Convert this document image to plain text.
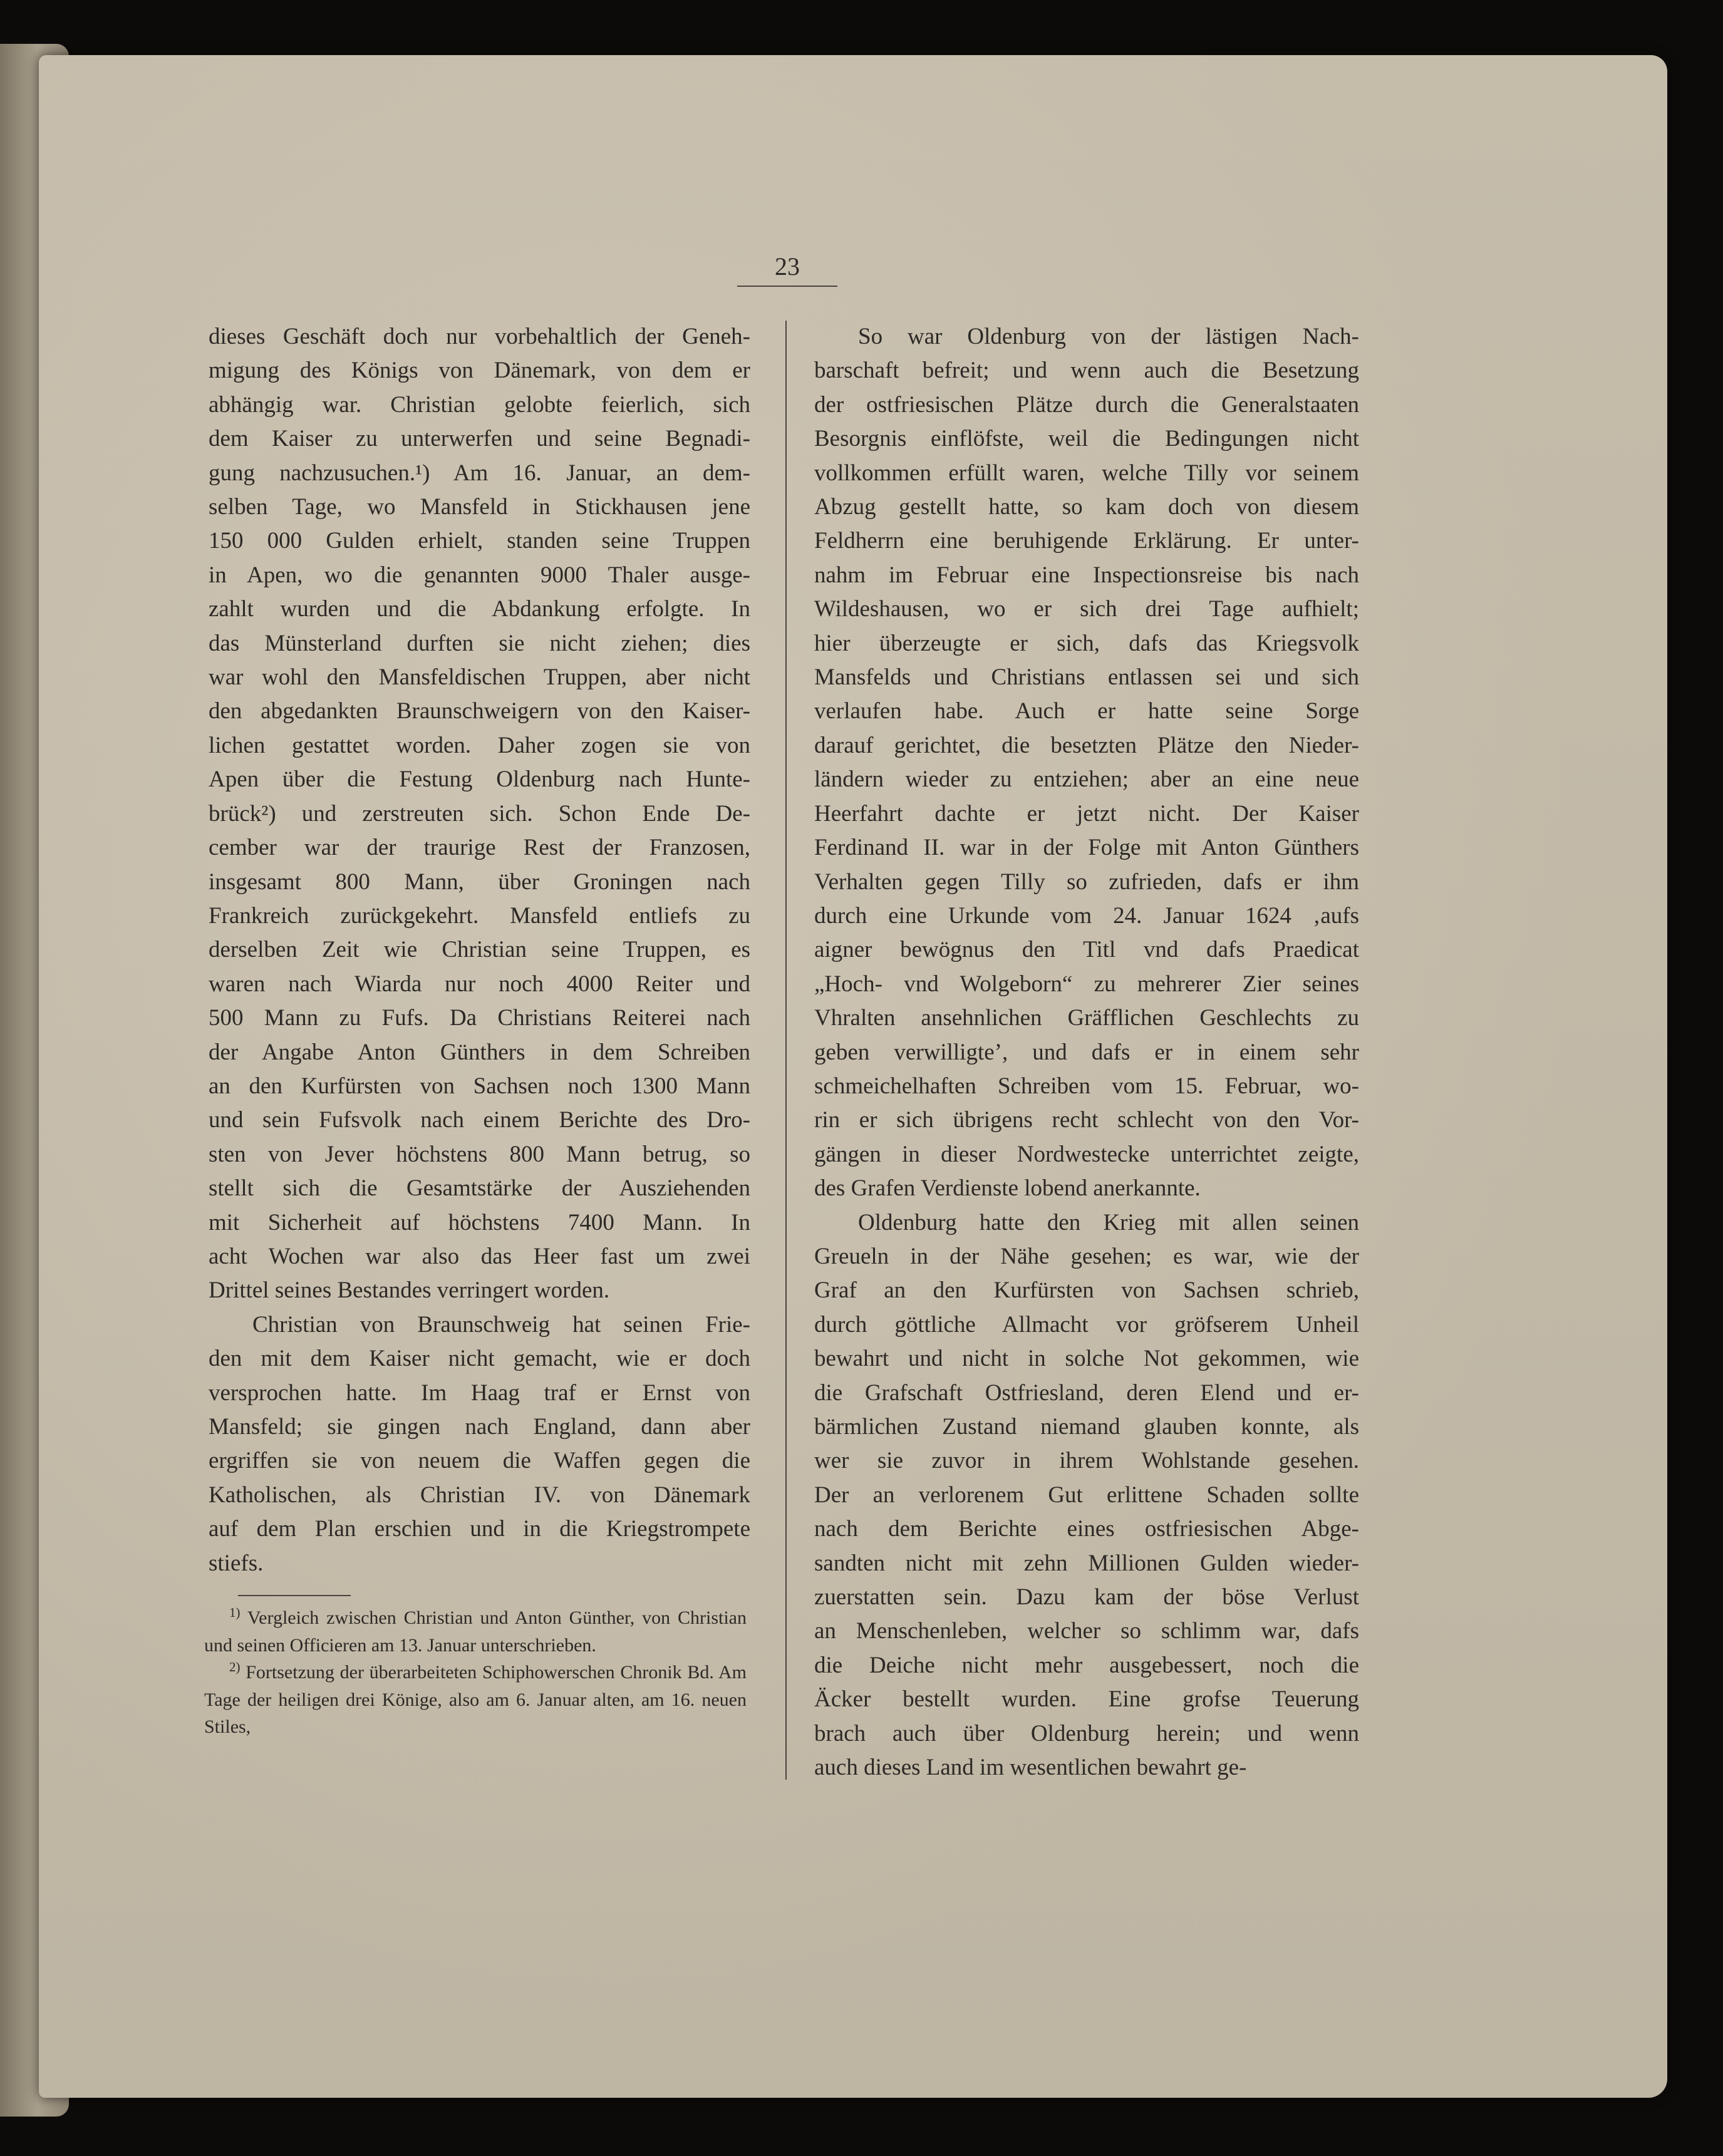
23

dieses Geschäft doch nur vorbehaltlich der Geneh-
migung des Königs von Dänemark, von dem er
abhängig war. Christian gelobte feierlich, sich
dem Kaiser zu unterwerfen und seine Begnadi-
gung nachzusuchen.¹) Am 16. Januar, an dem-
selben Tage, wo Mansfeld in Stickhausen jene
150 000 Gulden erhielt, standen seine Truppen
in Apen, wo die genannten 9000 Thaler ausge-
zahlt wurden und die Abdankung erfolgte. In
das Münsterland durften sie nicht ziehen; dies
war wohl den Mansfeldischen Truppen, aber nicht
den abgedankten Braunschweigern von den Kaiser-
lichen gestattet worden. Daher zogen sie von
Apen über die Festung Oldenburg nach Hunte-
brück²) und zerstreuten sich. Schon Ende De-
cember war der traurige Rest der Franzosen,
insgesamt 800 Mann, über Groningen nach
Frankreich zurückgekehrt. Mansfeld entliefs zu
derselben Zeit wie Christian seine Truppen, es
waren nach Wiarda nur noch 4000 Reiter und
500 Mann zu Fufs. Da Christians Reiterei nach
der Angabe Anton Günthers in dem Schreiben
an den Kurfürsten von Sachsen noch 1300 Mann
und sein Fufsvolk nach einem Berichte des Dro-
sten von Jever höchstens 800 Mann betrug, so
stellt sich die Gesamtstärke der Ausziehenden
mit Sicherheit auf höchstens 7400 Mann. In
acht Wochen war also das Heer fast um zwei
Drittel seines Bestandes verringert worden.

Christian von Braunschweig hat seinen Frie-
den mit dem Kaiser nicht gemacht, wie er doch
versprochen hatte. Im Haag traf er Ernst von
Mansfeld; sie gingen nach England, dann aber
ergriffen sie von neuem die Waffen gegen die
Katholischen, als Christian IV. von Dänemark
auf dem Plan erschien und in die Kriegstrompete
stiefs.

So war Oldenburg von der lästigen Nach-
barschaft befreit; und wenn auch die Besetzung
der ostfriesischen Plätze durch die Generalstaaten
Besorgnis einflöfste, weil die Bedingungen nicht
vollkommen erfüllt waren, welche Tilly vor seinem
Abzug gestellt hatte, so kam doch von diesem
Feldherrn eine beruhigende Erklärung. Er unter-
nahm im Februar eine Inspectionsreise bis nach
Wildeshausen, wo er sich drei Tage aufhielt;
hier überzeugte er sich, dafs das Kriegsvolk
Mansfelds und Christians entlassen sei und sich
verlaufen habe. Auch er hatte seine Sorge
darauf gerichtet, die besetzten Plätze den Nieder-
ländern wieder zu entziehen; aber an eine neue
Heerfahrt dachte er jetzt nicht. Der Kaiser
Ferdinand II. war in der Folge mit Anton Günthers
Verhalten gegen Tilly so zufrieden, dafs er ihm
durch eine Urkunde vom 24. Januar 1624 ‚aufs
aigner bewögnus den Titl vnd dafs Praedicat
„Hoch- vnd Wolgeborn“ zu mehrerer Zier seines
Vhralten ansehnlichen Gräfflichen Geschlechts zu
geben verwilligte’, und dafs er in einem sehr
schmeichelhaften Schreiben vom 15. Februar, wo-
rin er sich übrigens recht schlecht von den Vor-
gängen in dieser Nordwestecke unterrichtet zeigte,
des Grafen Verdienste lobend anerkannte.

Oldenburg hatte den Krieg mit allen seinen
Greueln in der Nähe gesehen; es war, wie der
Graf an den Kurfürsten von Sachsen schrieb,
durch göttliche Allmacht vor gröfserem Unheil
bewahrt und nicht in solche Not gekommen, wie
die Grafschaft Ostfriesland, deren Elend und er-
bärmlichen Zustand niemand glauben konnte, als
wer sie zuvor in ihrem Wohlstande gesehen.
Der an verlorenem Gut erlittene Schaden sollte
nach dem Berichte eines ostfriesischen Abge-
sandten nicht mit zehn Millionen Gulden wieder-
zuerstatten sein. Dazu kam der böse Verlust
an Menschenleben, welcher so schlimm war, dafs
die Deiche nicht mehr ausgebessert, noch die
Äcker bestellt wurden. Eine grofse Teuerung
brach auch über Oldenburg herein; und wenn
auch dieses Land im wesentlichen bewahrt ge-

$^{1)}$ Vergleich zwischen Christian und Anton Günther, von Christian und seinen Officieren am 13. Januar unterschrieben.

$^{2)}$ Fortsetzung der überarbeiteten Schiphowerschen Chronik Bd. Am Tage der heiligen drei Könige, also am 6. Januar alten, am 16. neuen Stiles,
